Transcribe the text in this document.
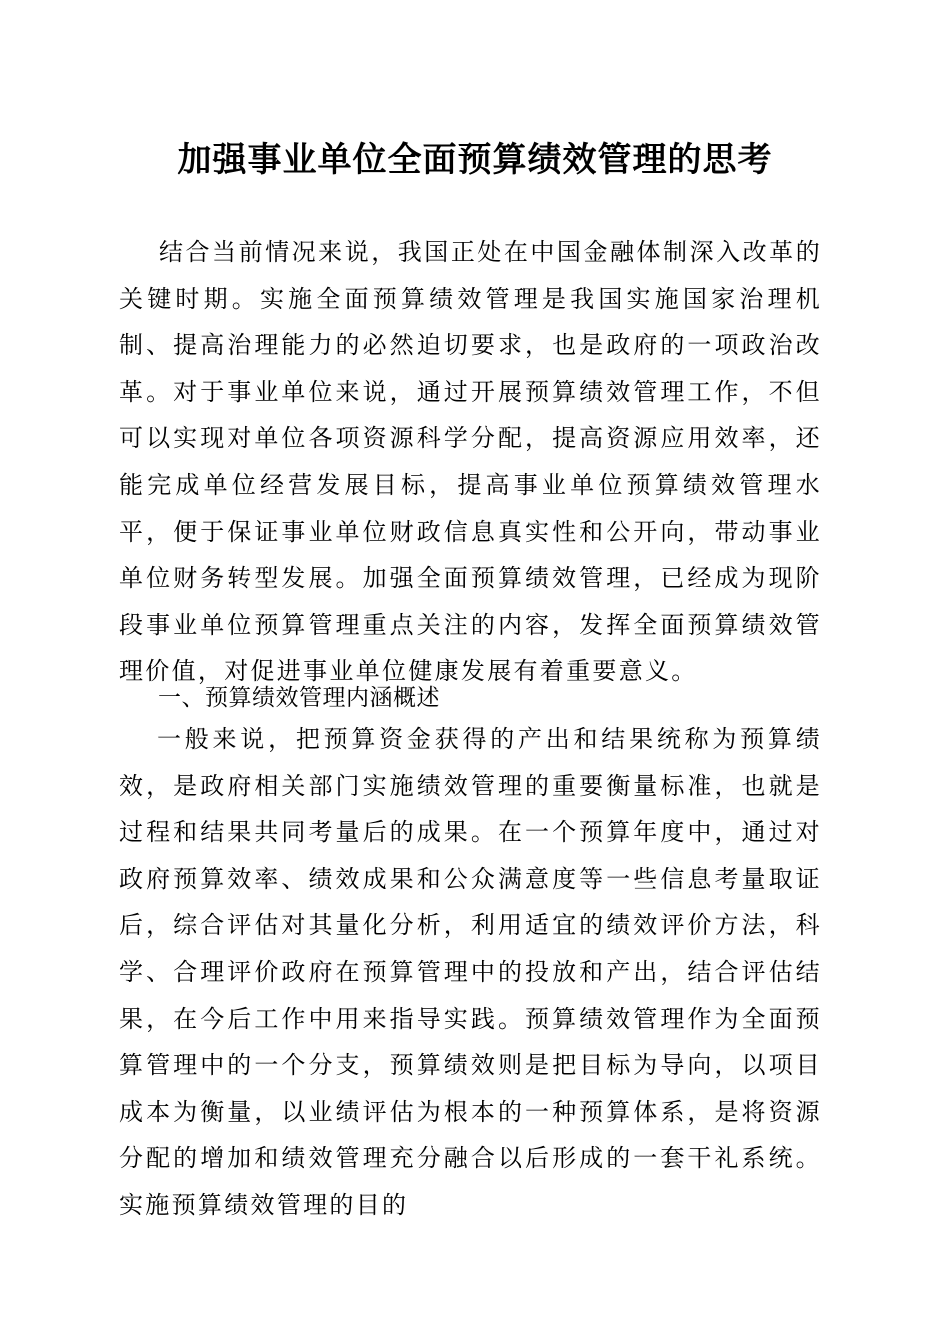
加强事业单位全面预算绩效管理的思考

结合当前情况来说，我国正处在中国金融体制深入改革的关键时期。实施全面预算绩效管理是我国实施国家治理机制、提高治理能力的必然迫切要求，也是政府的一项政治改革。对于事业单位来说，通过开展预算绩效管理工作，不但可以实现对单位各项资源科学分配，提高资源应用效率，还能完成单位经营发展目标，提高事业单位预算绩效管理水平，便于保证事业单位财政信息真实性和公开向，带动事业单位财务转型发展。加强全面预算绩效管理，已经成为现阶段事业单位预算管理重点关注的内容，发挥全面预算绩效管理价值，对促进事业单位健康发展有着重要意义。

一、预算绩效管理内涵概述

一般来说，把预算资金获得的产出和结果统称为预算绩效，是政府相关部门实施绩效管理的重要衡量标准，也就是过程和结果共同考量后的成果。在一个预算年度中，通过对政府预算效率、绩效成果和公众满意度等一些信息考量取证后，综合评估对其量化分析，利用适宜的绩效评价方法，科学、合理评价政府在预算管理中的投放和产出，结合评估结果，在今后工作中用来指导实践。预算绩效管理作为全面预算管理中的一个分支，预算绩效则是把目标为导向，以项目成本为衡量，以业绩评估为根本的一种预算体系，是将资源分配的增加和绩效管理充分融合以后形成的一套干礼系统。实施预算绩效管理的目的
